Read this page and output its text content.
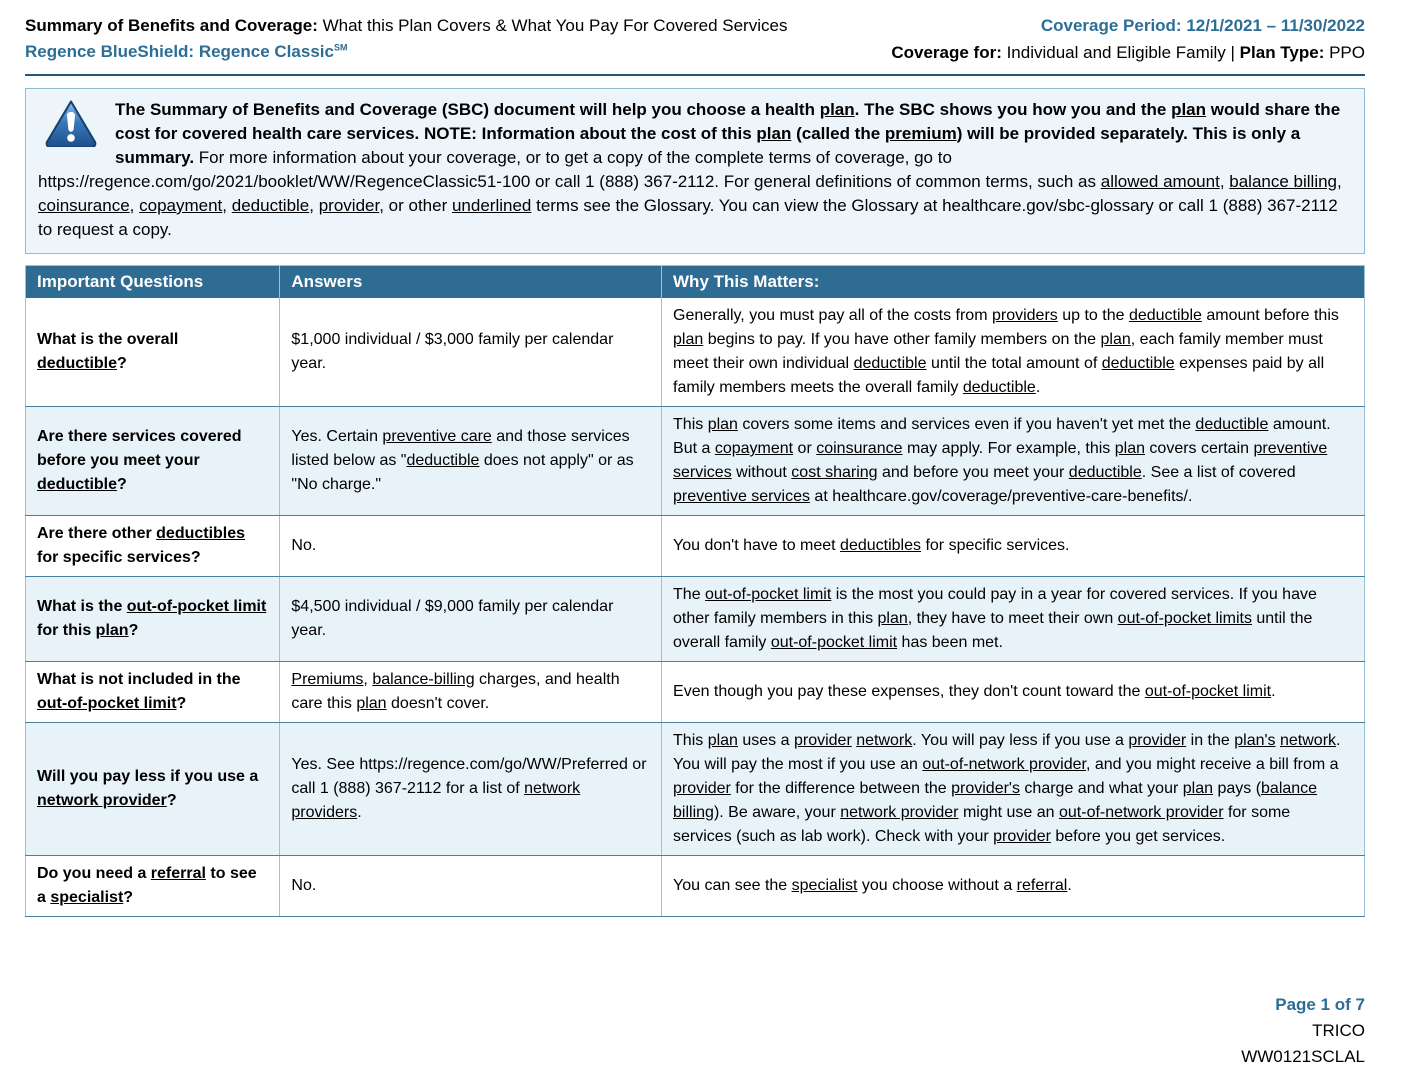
Summary of Benefits and Coverage: What this Plan Covers & What You Pay For Covered Services
Regence BlueShield: Regence Classic℠
Coverage Period: 12/1/2021 – 11/30/2022
Coverage for: Individual and Eligible Family | Plan Type: PPO

The Summary of Benefits and Coverage (SBC) document will help you choose a health plan. The SBC shows you how you and the plan would share the cost for covered health care services. NOTE: Information about the cost of this plan (called the premium) will be provided separately. This is only a summary. For more information about your coverage, or to get a copy of the complete terms of coverage, go to https://regence.com/go/2021/booklet/WW/RegenceClassic51-100 or call 1 (888) 367-2112. For general definitions of common terms, such as allowed amount, balance billing, coinsurance, copayment, deductible, provider, or other underlined terms see the Glossary. You can view the Glossary at healthcare.gov/sbc-glossary or call 1 (888) 367-2112 to request a copy.

Important Questions	Answers	Why This Matters:
What is the overall deductible?	$1,000 individual / $3,000 family per calendar year.	Generally, you must pay all of the costs from providers up to the deductible amount before this plan begins to pay. If you have other family members on the plan, each family member must meet their own individual deductible until the total amount of deductible expenses paid by all family members meets the overall family deductible.
Are there services covered before you meet your deductible?	Yes. Certain preventive care and those services listed below as "deductible does not apply" or as "No charge."	This plan covers some items and services even if you haven't yet met the deductible amount. But a copayment or coinsurance may apply. For example, this plan covers certain preventive services without cost sharing and before you meet your deductible. See a list of covered preventive services at healthcare.gov/coverage/preventive-care-benefits/.
Are there other deductibles for specific services?	No.	You don't have to meet deductibles for specific services.
What is the out-of-pocket limit for this plan?	$4,500 individual / $9,000 family per calendar year.	The out-of-pocket limit is the most you could pay in a year for covered services. If you have other family members in this plan, they have to meet their own out-of-pocket limits until the overall family out-of-pocket limit has been met.
What is not included in the out-of-pocket limit?	Premiums, balance-billing charges, and health care this plan doesn't cover.	Even though you pay these expenses, they don't count toward the out-of-pocket limit.
Will you pay less if you use a network provider?	Yes. See https://regence.com/go/WW/Preferred or call 1 (888) 367-2112 for a list of network providers.	This plan uses a provider network. You will pay less if you use a provider in the plan's network. You will pay the most if you use an out-of-network provider, and you might receive a bill from a provider for the difference between the provider's charge and what your plan pays (balance billing). Be aware, your network provider might use an out-of-network provider for some services (such as lab work). Check with your provider before you get services.
Do you need a referral to see a specialist?	No.	You can see the specialist you choose without a referral.
Page 1 of 7
TRICO
WW0121SCLAL
